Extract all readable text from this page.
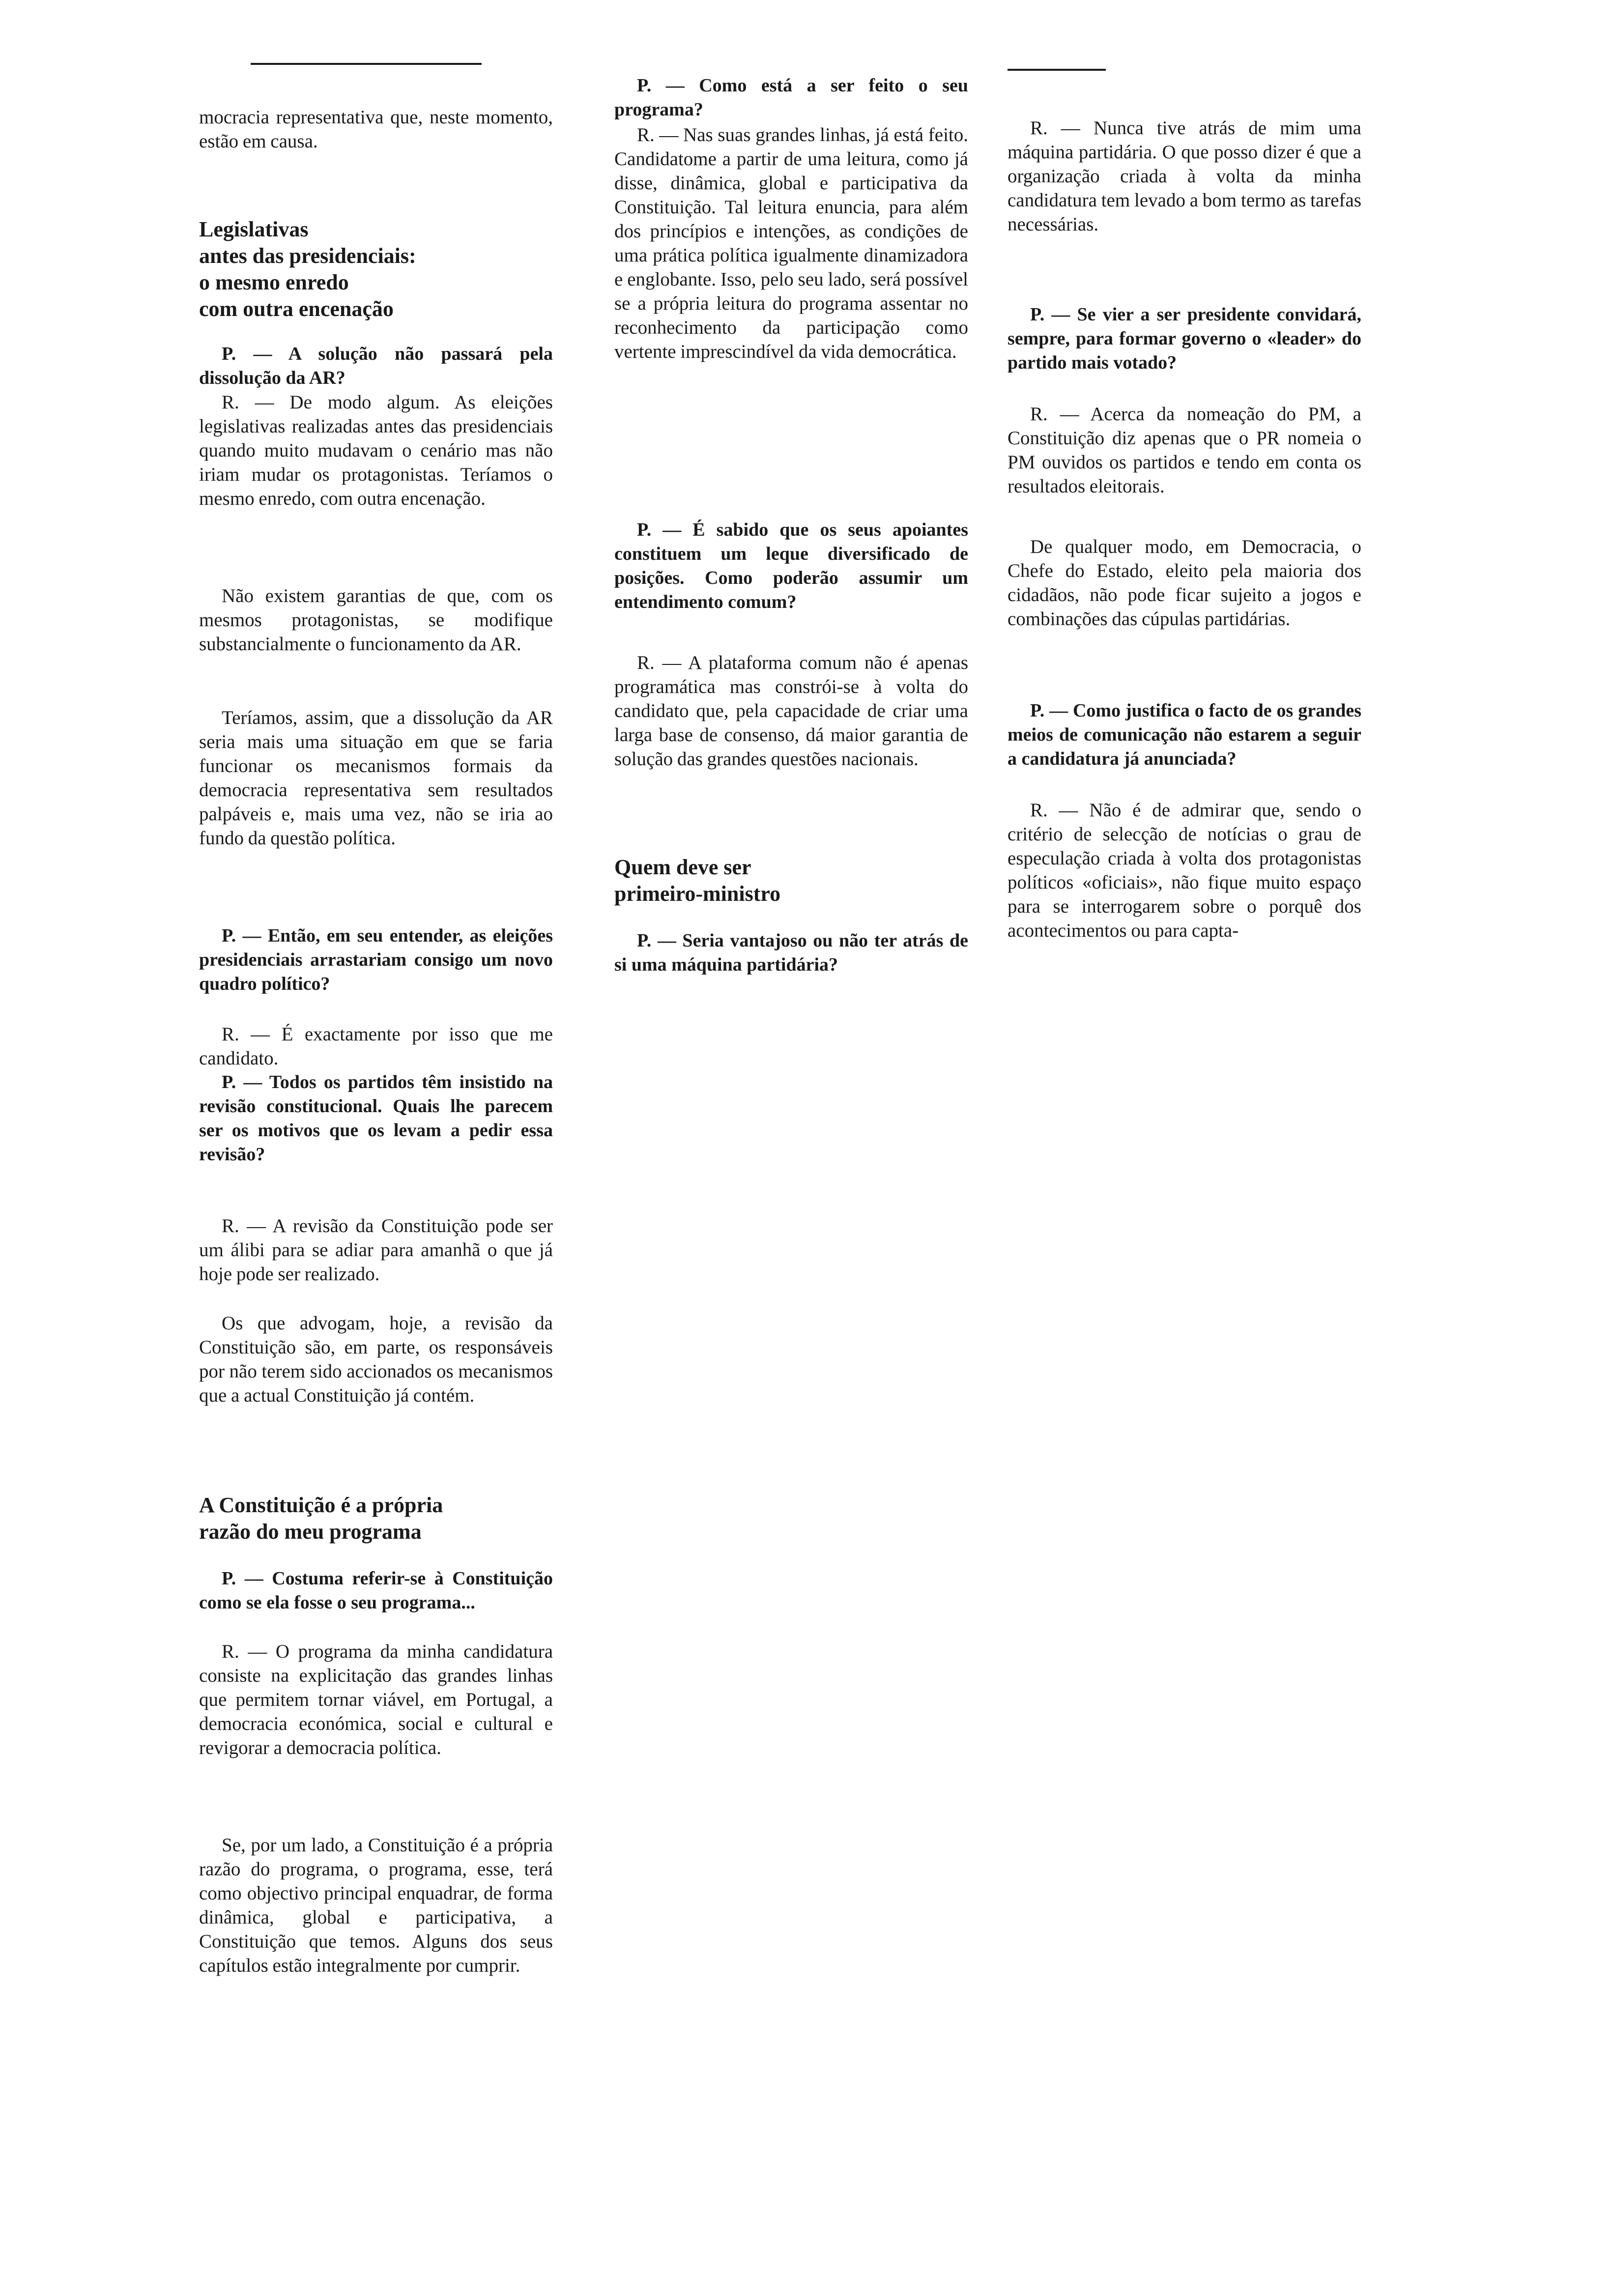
mocracia representativa que, neste momento, estão em causa.

Legislativas
antes das presidenciais:
o mesmo enredo
com outra encenação

P. — A solução não passará pela dissolução da AR?

R. — De modo algum. As eleições legislativas realizadas antes das presidenciais quando muito mudavam o cenário mas não iriam mudar os protagonistas. Teríamos o mesmo enredo, com outra encenação.

Não existem garantias de que, com os mesmos protagonistas, se modifique substancialmente o funcionamento da AR.

Teríamos, assim, que a dissolução da AR seria mais uma situação em que se faria funcionar os mecanismos formais da democracia representativa sem resultados palpáveis e, mais uma vez, não se iria ao fundo da questão política.

P. — Então, em seu entender, as eleições presidenciais arrastariam consigo um novo quadro político?

R. — É exactamente por isso que me candidato.

P. — Todos os partidos têm insistido na revisão constitucional. Quais lhe parecem ser os motivos que os levam a pedir essa revisão?

R. — A revisão da Constituição pode ser um álibi para se adiar para amanhã o que já hoje pode ser realizado.

Os que advogam, hoje, a revisão da Constituição são, em parte, os responsáveis por não terem sido accionados os mecanismos que a actual Constituição já contém.

A Constituição é a própria
razão do meu programa

P. — Costuma referir-se à Constituição como se ela fosse o seu programa...

R. — O programa da minha candidatura consiste na explicitação das grandes linhas que permitem tornar viável, em Portugal, a democracia económica, social e cultural e revigorar a democracia política.

Se, por um lado, a Constituição é a própria razão do programa, o programa, esse, terá como objectivo principal enquadrar, de forma dinâmica, global e participativa, a Constituição que temos. Alguns dos seus capítulos estão integralmente por cumprir.

P. — Como está a ser feito o seu programa?

R. — Nas suas grandes linhas, já está feito. Candidatome a partir de uma leitura, como já disse, dinâmica, global e participativa da Constituição. Tal leitura enuncia, para além dos princípios e intenções, as condições de uma prática política igualmente dinamizadora e englobante. Isso, pelo seu lado, será possível se a própria leitura do programa assentar no reconhecimento da participação como vertente imprescindível da vida democrática.

P. — É sabido que os seus apoiantes constituem um leque diversificado de posições. Como poderão assumir um entendimento comum?

R. — A plataforma comum não é apenas programática mas constrói-se à volta do candidato que, pela capacidade de criar uma larga base de consenso, dá maior garantia de solução das grandes questões nacionais.

Quem deve ser
primeiro-ministro

P. — Seria vantajoso ou não ter atrás de si uma máquina partidária?

R. — Nunca tive atrás de mim uma máquina partidária. O que posso dizer é que a organização criada à volta da minha candidatura tem levado a bom termo as tarefas necessárias.

P. — Se vier a ser presidente convidará, sempre, para formar governo o «leader» do partido mais votado?

R. — Acerca da nomeação do PM, a Constituição diz apenas que o PR nomeia o PM ouvidos os partidos e tendo em conta os resultados eleitorais.

De qualquer modo, em Democracia, o Chefe do Estado, eleito pela maioria dos cidadãos, não pode ficar sujeito a jogos e combinações das cúpulas partidárias.

P. — Como justifica o facto de os grandes meios de comunicação não estarem a seguir a candidatura já anunciada?

R. — Não é de admirar que, sendo o critério de selecção de notícias o grau de especulação criada à volta dos protagonistas políticos «oficiais», não fique muito espaço para se interrogarem sobre o porquê dos acontecimentos ou para capta-
